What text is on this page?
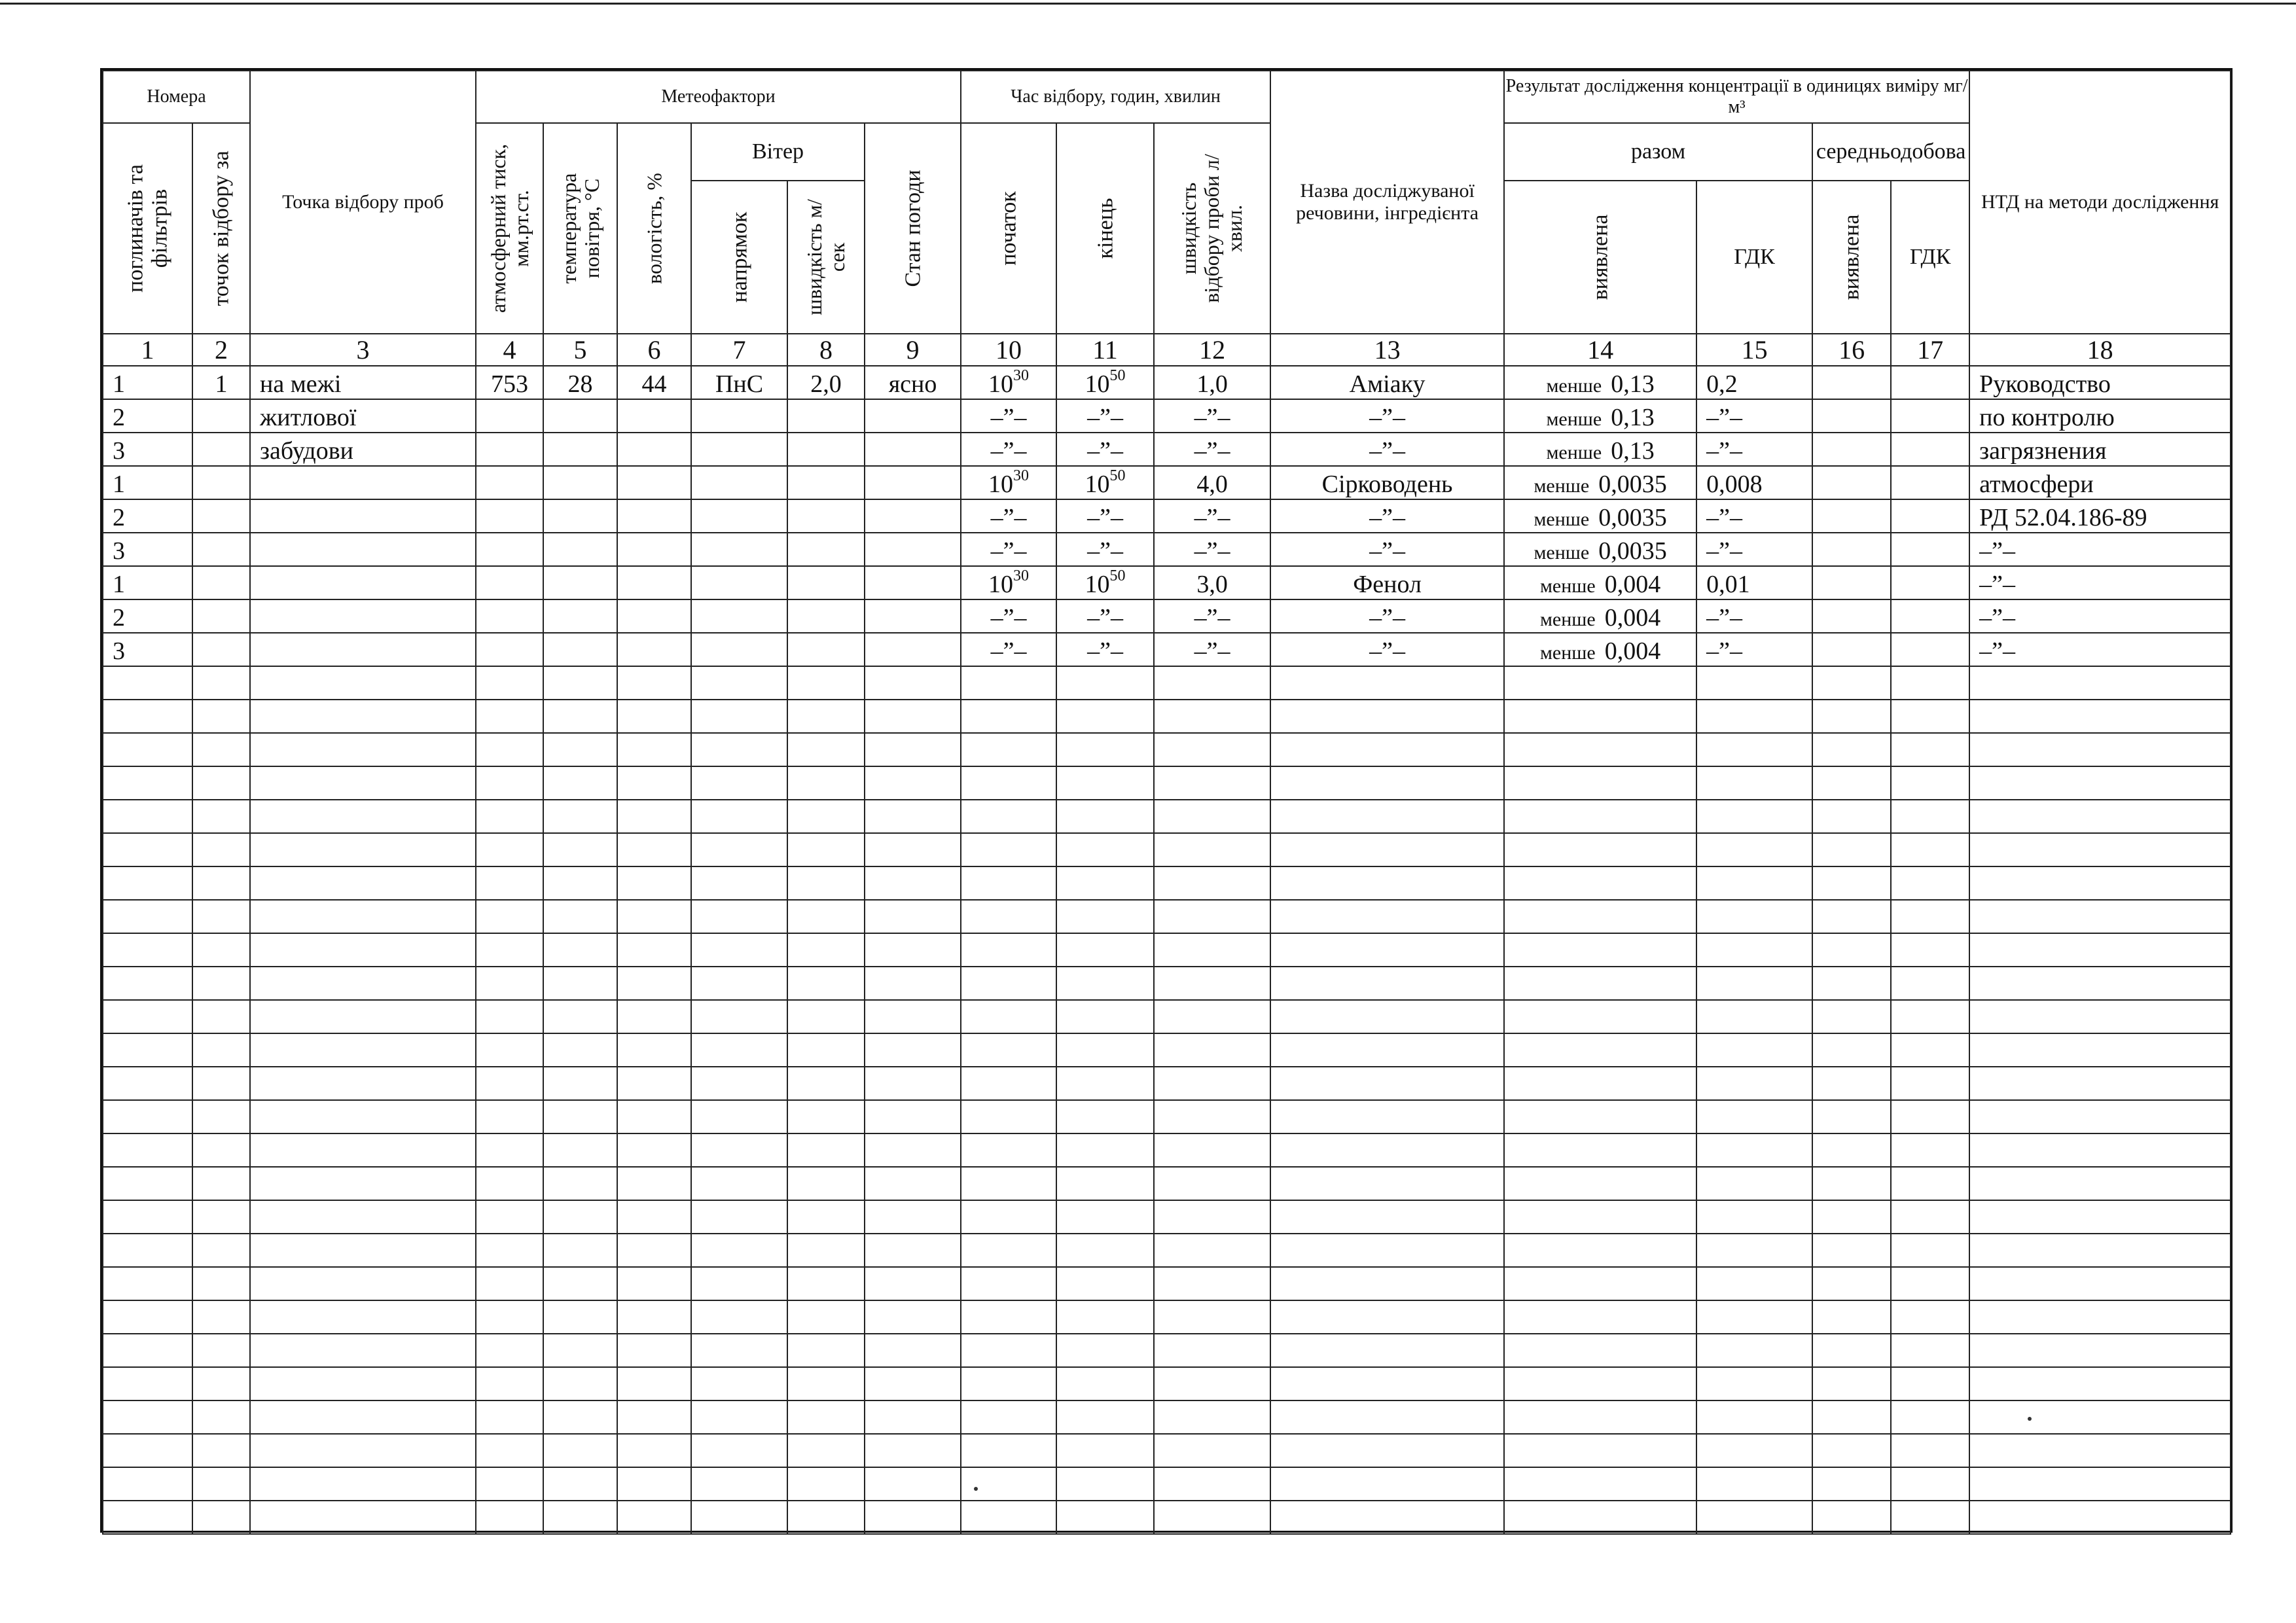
Номера		Точка відбору проб	Метеофактори						Час відбору, годин, хвилин			Назва досліджуваної речовини, інгредієнта	Результат дослідження концентрації в одиницях виміру мг/м³				НТД на методи дослідження

поглиначів та фільтрів	точок відбору за		атмосферний тиск, мм.рт.ст.	температура повітря, °С	вологість, %	Вітер		Стан погоди	початок	кінець	швидкість відбору проби л/хвил.		разом		середньодобова		

						напрямок	швидкість м/сек						виявлена	ГДК	виявлена	ГДК	
1	2	3	4	5	6	7	8	9	10	11	12	13	14	15	16	17	18
1	1	на межі	753	28	44	ПнС	2,0	ясно	$10^{30}$	$10^{50}$	1,0	Аміаку	менше 0,13	0,2			Руководство
2		житлової							–”–	–”–	–”–	–”–	менше 0,13	–”–			по контролю
3		забудови							–”–	–”–	–”–	–”–	менше 0,13	–”–			загрязнения
1									$10^{30}$	$10^{50}$	4,0	Сірководень	менше 0,0035	0,008			атмосфери
2									–”–	–”–	–”–	–”–	менше 0,0035	–”–			РД 52.04.186-89
3									–”–	–”–	–”–	–”–	менше 0,0035	–”–			–”–
1									$10^{30}$	$10^{50}$	3,0	Фенол	менше 0,004	0,01			–”–
2									–”–	–”–	–”–	–”–	менше 0,004	–”–			–”–
3									–”–	–”–	–”–	–”–	менше 0,004	–”–			–”–
